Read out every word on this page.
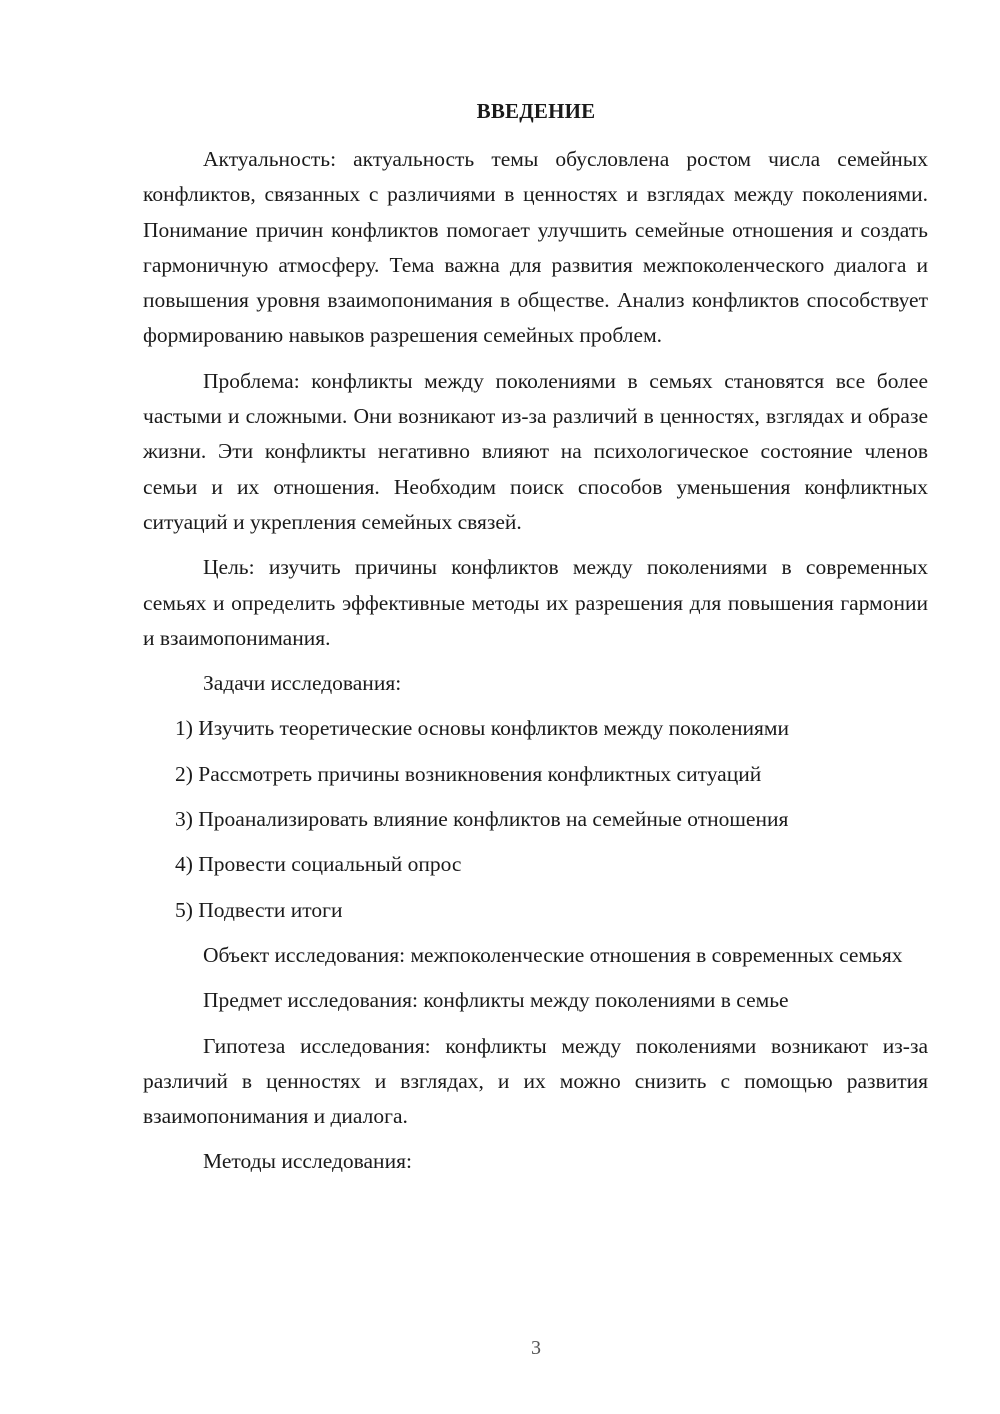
ВВЕДЕНИЕ

Актуальность: актуальность темы обусловлена ростом числа семейных конфликтов, связанных с различиями в ценностях и взглядах между поколениями. Понимание причин конфликтов помогает улучшить семейные отношения и создать гармоничную атмосферу. Тема важна для развития межпоколенческого диалога и повышения уровня взаимопонимания в обществе. Анализ конфликтов способствует формированию навыков разрешения семейных проблем.

Проблема: конфликты между поколениями в семьях становятся все более частыми и сложными. Они возникают из-за различий в ценностях, взглядах и образе жизни. Эти конфликты негативно влияют на психологическое состояние членов семьи и их отношения. Необходим поиск способов уменьшения конфликтных ситуаций и укрепления семейных связей.

Цель: изучить причины конфликтов между поколениями в современных семьях и определить эффективные методы их разрешения для повышения гармонии и взаимопонимания.

Задачи исследования:

1) Изучить теоретические основы конфликтов между поколениями

2) Рассмотреть причины возникновения конфликтных ситуаций

3) Проанализировать влияние конфликтов на семейные отношения

4) Провести социальный опрос

5) Подвести итоги

Объект исследования: межпоколенческие отношения в современных семьях

Предмет исследования: конфликты между поколениями в семье

Гипотеза исследования: конфликты между поколениями возникают из-за различий в ценностях и взглядах, и их можно снизить с помощью развития взаимопонимания и диалога.

Методы исследования:

3
